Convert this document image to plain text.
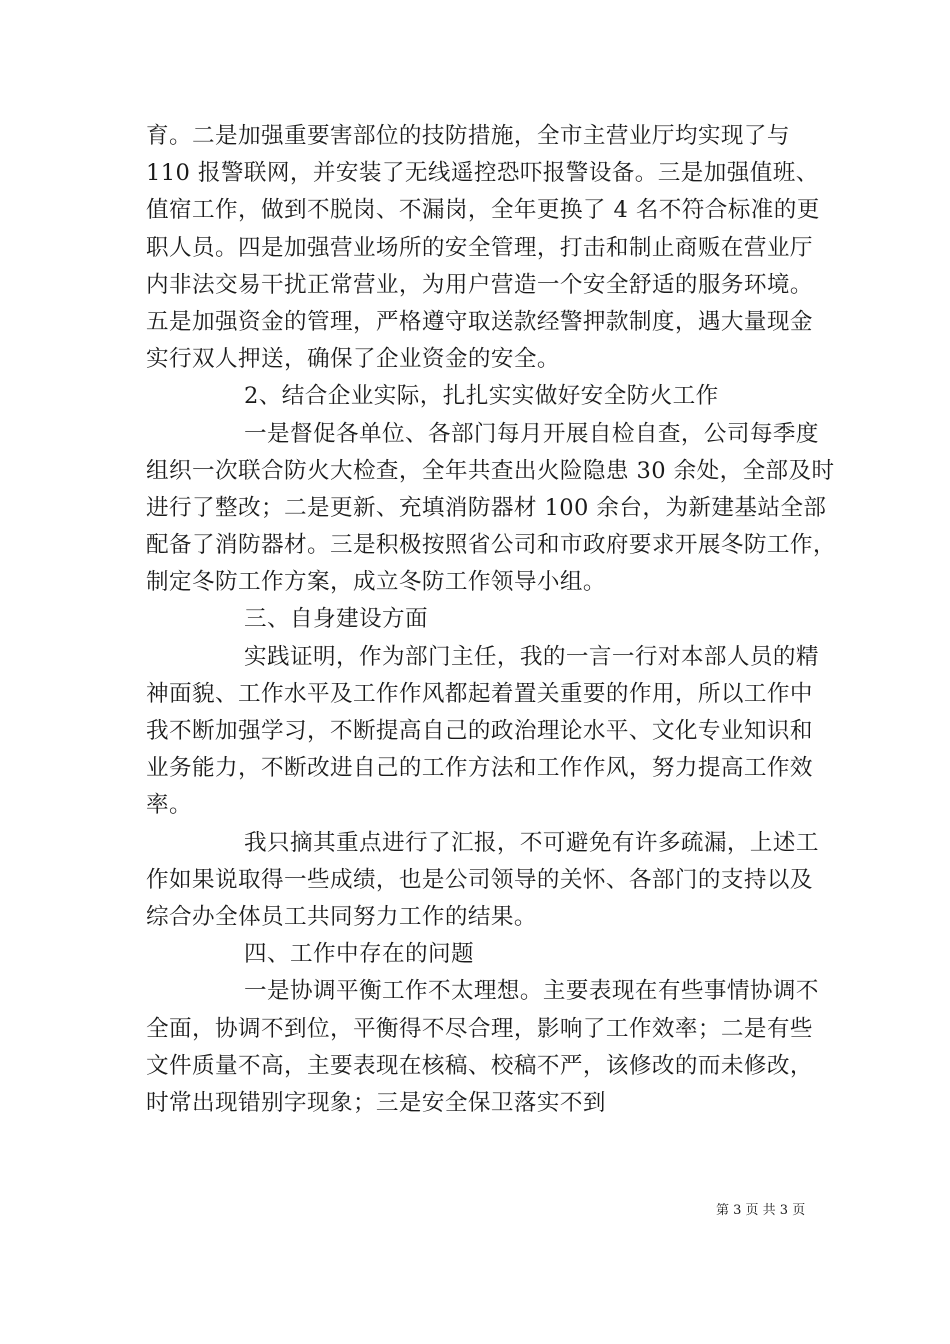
育。二是加强重要害部位的技防措施，全市主营业厅均实现了与
110 报警联网，并安装了无线遥控恐吓报警设备。三是加强值班、
值宿工作，做到不脱岗、不漏岗，全年更换了 4 名不符合标准的更
职人员。四是加强营业场所的安全管理，打击和制止商贩在营业厅
内非法交易干扰正常营业，为用户营造一个安全舒适的服务环境。
五是加强资金的管理，严格遵守取送款经警押款制度，遇大量现金
实行双人押送，确保了企业资金的安全。
2、结合企业实际，扎扎实实做好安全防火工作
一是督促各单位、各部门每月开展自检自查，公司每季度
组织一次联合防火大检查，全年共查出火险隐患 30 余处，全部及时
进行了整改；二是更新、充填消防器材 100 余台，为新建基站全部
配备了消防器材。三是积极按照省公司和市政府要求开展冬防工作，
制定冬防工作方案，成立冬防工作领导小组。
三、自身建设方面
实践证明，作为部门主任，我的一言一行对本部人员的精
神面貌、工作水平及工作作风都起着置关重要的作用，所以工作中
我不断加强学习，不断提高自己的政治理论水平、文化专业知识和
业务能力，不断改进自己的工作方法和工作作风，努力提高工作效
率。
我只摘其重点进行了汇报，不可避免有许多疏漏，上述工
作如果说取得一些成绩，也是公司领导的关怀、各部门的支持以及
综合办全体员工共同努力工作的结果。
四、工作中存在的问题
一是协调平衡工作不太理想。主要表现在有些事情协调不
全面，协调不到位，平衡得不尽合理，影响了工作效率；二是有些
文件质量不高，主要表现在核稿、校稿不严，该修改的而未修改，
时常出现错别字现象；三是安全保卫落实不到
第 3 页 共 3 页
